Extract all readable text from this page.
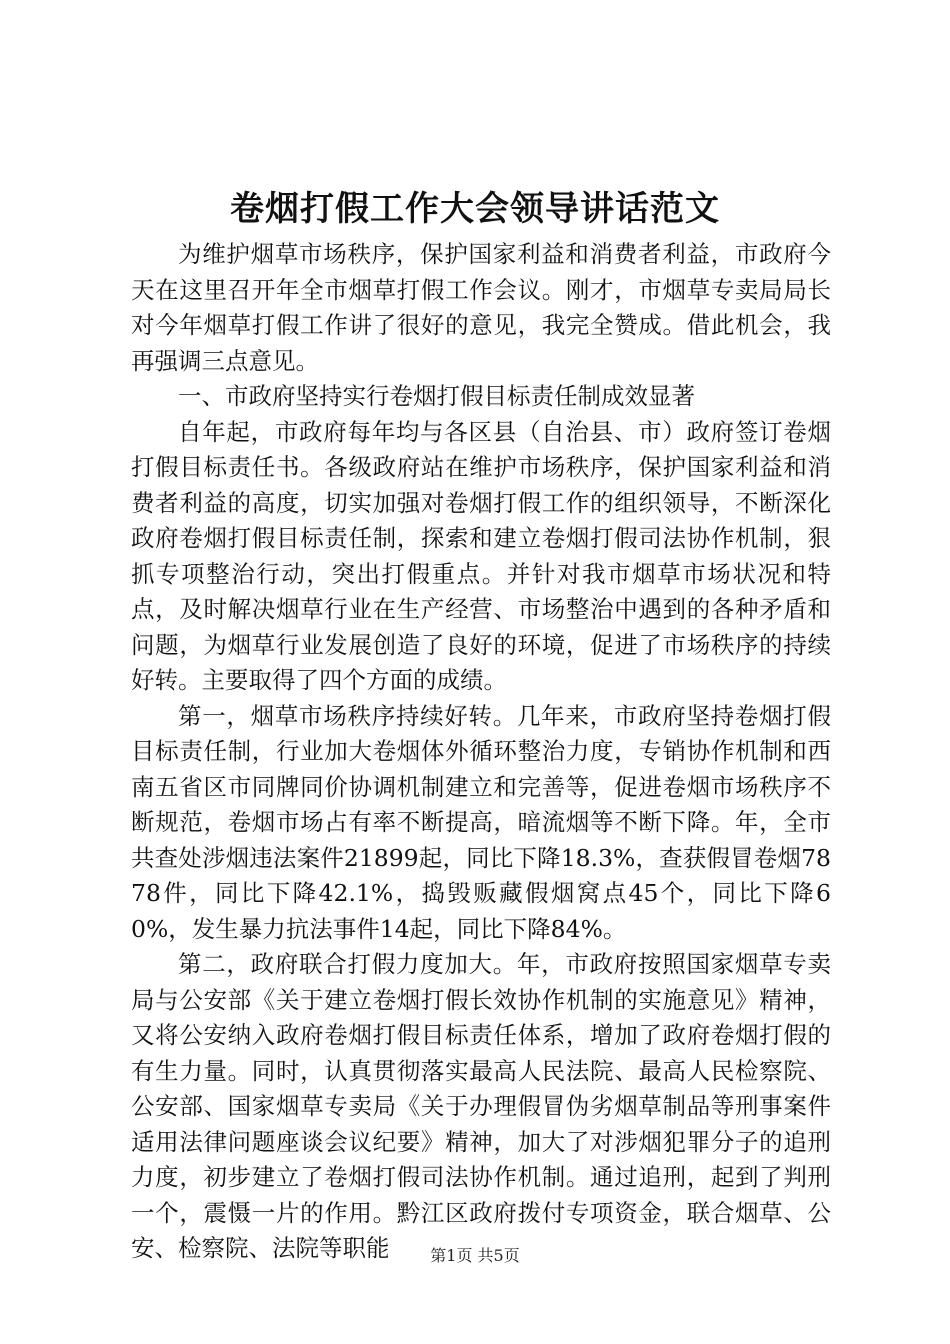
卷烟打假工作大会领导讲话范文

为维护烟草市场秩序，保护国家利益和消费者利益，市政府今天在这里召开年全市烟草打假工作会议。刚才，市烟草专卖局局长对今年烟草打假工作讲了很好的意见，我完全赞成。借此机会，我再强调三点意见。

一、市政府坚持实行卷烟打假目标责任制成效显著

自年起，市政府每年均与各区县（自治县、市）政府签订卷烟打假目标责任书。各级政府站在维护市场秩序，保护国家利益和消费者利益的高度，切实加强对卷烟打假工作的组织领导，不断深化政府卷烟打假目标责任制，探索和建立卷烟打假司法协作机制，狠抓专项整治行动，突出打假重点。并针对我市烟草市场状况和特点，及时解决烟草行业在生产经营、市场整治中遇到的各种矛盾和问题，为烟草行业发展创造了良好的环境，促进了市场秩序的持续好转。主要取得了四个方面的成绩。

第一，烟草市场秩序持续好转。几年来，市政府坚持卷烟打假目标责任制，行业加大卷烟体外循环整治力度，专销协作机制和西南五省区市同牌同价协调机制建立和完善等，促进卷烟市场秩序不断规范，卷烟市场占有率不断提高，暗流烟等不断下降。年，全市共查处涉烟违法案件21899起，同比下降18.3%，查获假冒卷烟7878件，同比下降42.1%，捣毁贩藏假烟窝点45个，同比下降60%，发生暴力抗法事件14起，同比下降84%。

第二，政府联合打假力度加大。年，市政府按照国家烟草专卖局与公安部《关于建立卷烟打假长效协作机制的实施意见》精神，又将公安纳入政府卷烟打假目标责任体系，增加了政府卷烟打假的有生力量。同时，认真贯彻落实最高人民法院、最高人民检察院、公安部、国家烟草专卖局《关于办理假冒伪劣烟草制品等刑事案件适用法律问题座谈会议纪要》精神，加大了对涉烟犯罪分子的追刑力度，初步建立了卷烟打假司法协作机制。通过追刑，起到了判刑一个，震慑一片的作用。黔江区政府拨付专项资金，联合烟草、公安、检察院、法院等职能	第1页 共5页
